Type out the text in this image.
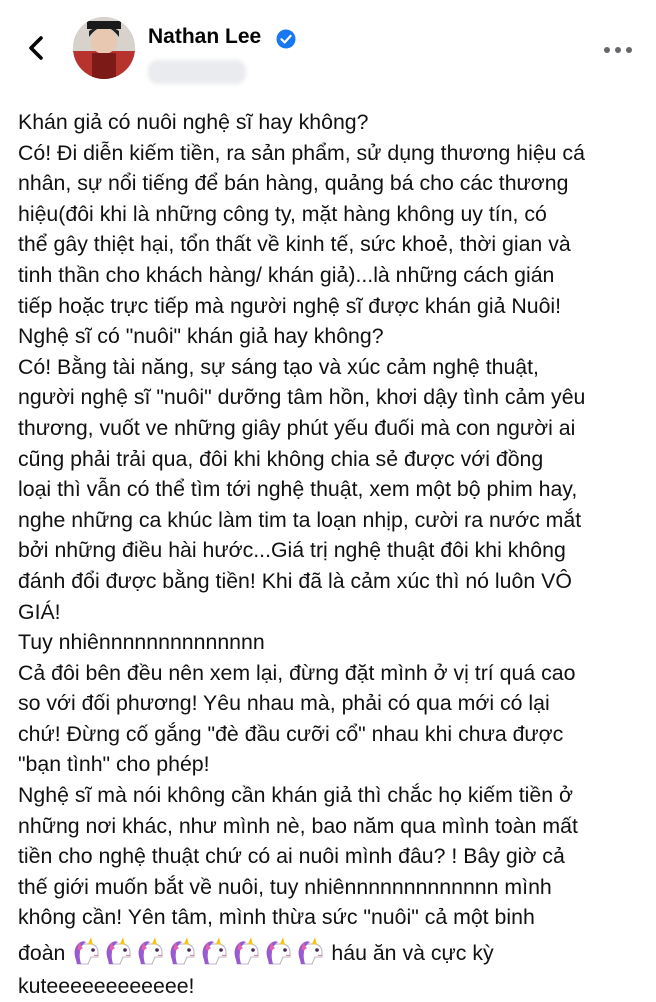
Nathan Lee
Khán giả có nuôi nghệ sĩ hay không?
Có! Đi diễn kiếm tiền, ra sản phẩm, sử dụng thương hiệu cá
nhân, sự nổi tiếng để bán hàng, quảng bá cho các thương
hiệu(đôi khi là những công ty, mặt hàng không uy tín, có
thể gây thiệt hại, tổn thất về kinh tế, sức khoẻ, thời gian và
tinh thần cho khách hàng/ khán giả)...là những cách gián
tiếp hoặc trực tiếp mà người nghệ sĩ được khán giả Nuôi!
Nghệ sĩ có "nuôi" khán giả hay không?
Có! Bằng tài năng, sự sáng tạo và xúc cảm nghệ thuật,
người nghệ sĩ "nuôi" dưỡng tâm hồn, khơi dậy tình cảm yêu
thương, vuốt ve những giây phút yếu đuối mà con người ai
cũng phải trải qua, đôi khi không chia sẻ được với đồng
loại thì vẫn có thể tìm tới nghệ thuật, xem một bộ phim hay,
nghe những ca khúc làm tim ta loạn nhịp, cười ra nước mắt
bởi những điều hài hước...Giá trị nghệ thuật đôi khi không
đánh đổi được bằng tiền! Khi đã là cảm xúc thì nó luôn VÔ
GIÁ!
Tuy nhiênnnnnnnnnnnnnn
Cả đôi bên đều nên xem lại, đừng đặt mình ở vị trí quá cao
so với đối phương! Yêu nhau mà, phải có qua mới có lại
chứ! Đừng cố gắng "đè đầu cưỡi cổ" nhau khi chưa được
"bạn tình" cho phép!
Nghệ sĩ mà nói không cần khán giả thì chắc họ kiếm tiền ở
những nơi khác, như mình nè, bao năm qua mình toàn mất
tiền cho nghệ thuật chứ có ai nuôi mình đâu? ! Bây giờ cả
thế giới muốn bắt về nuôi, tuy nhiênnnnnnnnnnnnn mình
không cần! Yên tâm, mình thừa sức "nuôi" cả một binh
đoàn	háu ăn và cực kỳ
kuteeeeeeeeeeee!
